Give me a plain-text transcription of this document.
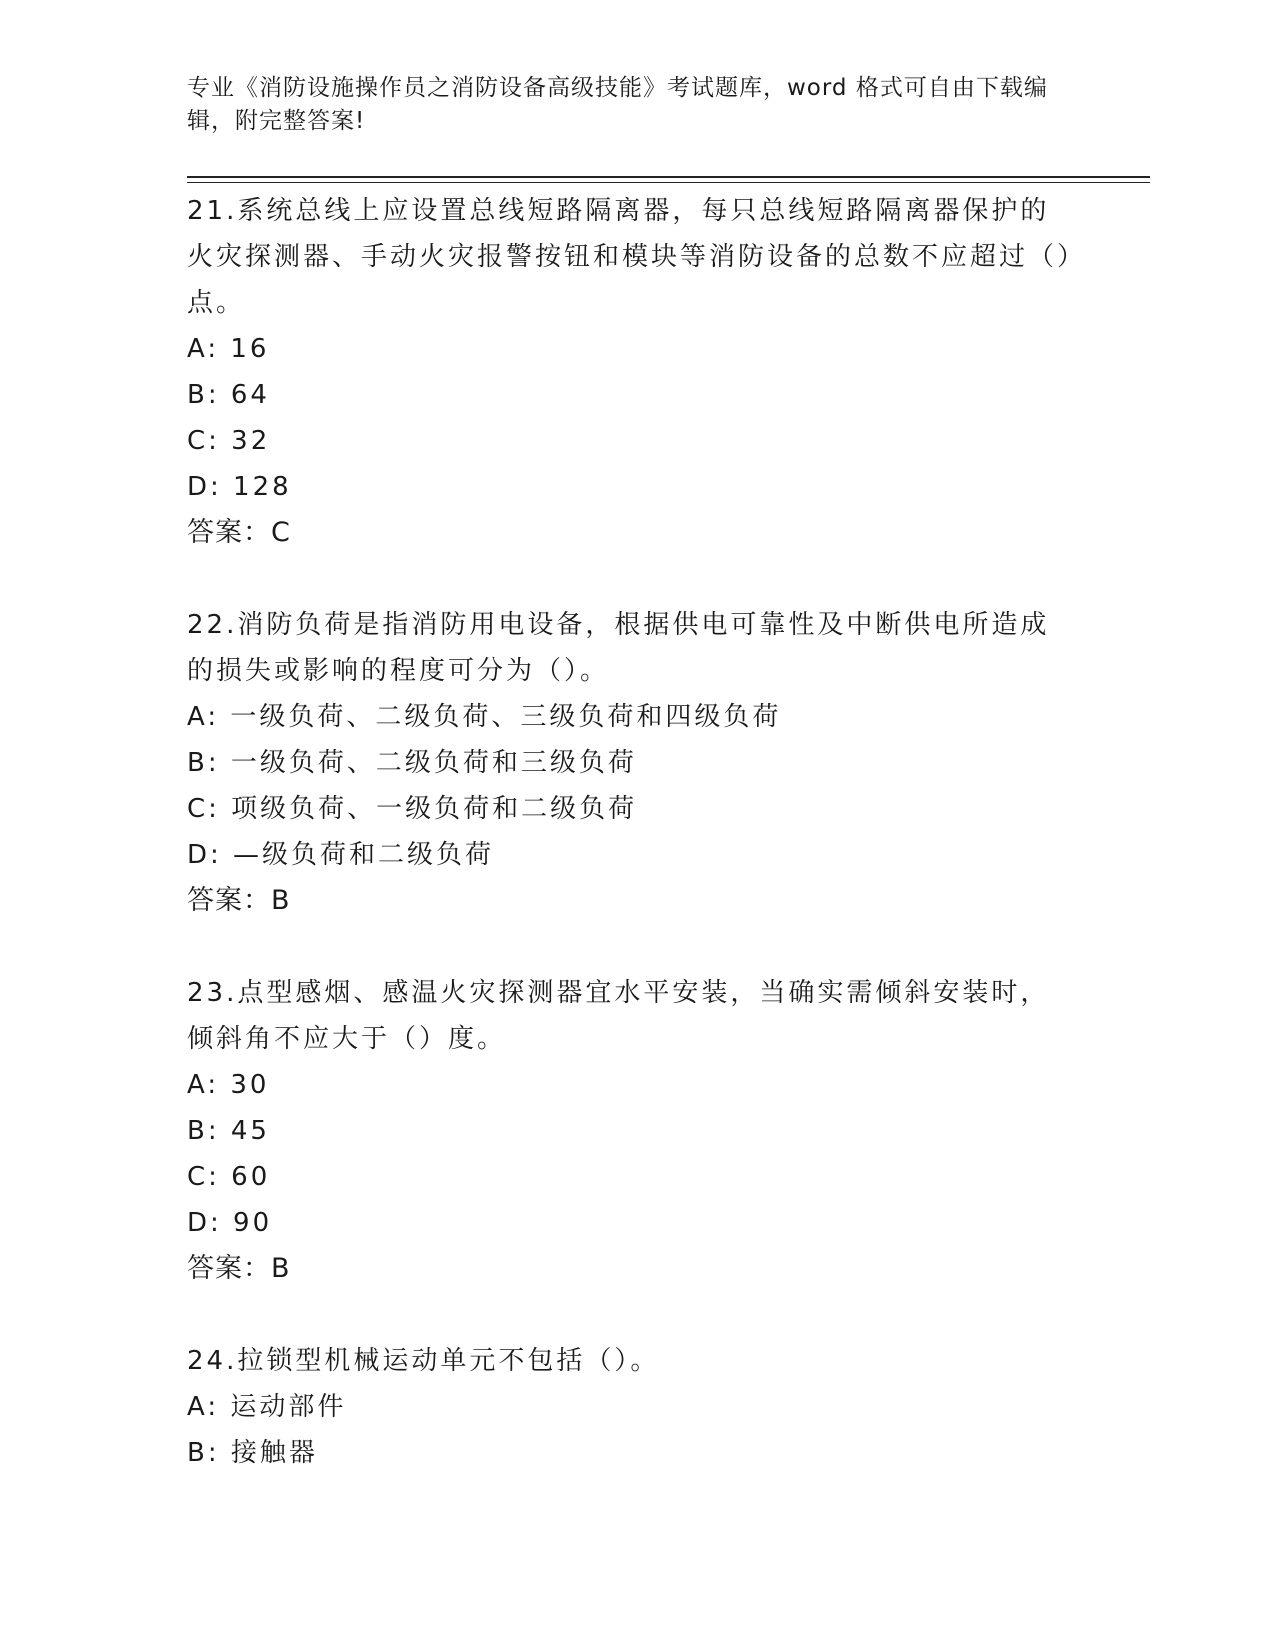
专业《消防设施操作员之消防设备高级技能》考试题库，word 格式可自由下载编辑，附完整答案!

21.系统总线上应设置总线短路隔离器，每只总线短路隔离器保护的火灾探测器、手动火灾报警按钮和模块等消防设备的总数不应超过（）点。

A: 16

B: 64

C: 32

D: 128

答案：C

22.消防负荷是指消防用电设备，根据供电可靠性及中断供电所造成的损失或影响的程度可分为（）。

A: 一级负荷、二级负荷、三级负荷和四级负荷

B: 一级负荷、二级负荷和三级负荷

C: 项级负荷、一级负荷和二级负荷

D: —级负荷和二级负荷

答案：B

23.点型感烟、感温火灾探测器宜水平安装，当确实需倾斜安装时，倾斜角不应大于（）度。

A: 30

B: 45

C: 60

D: 90

答案：B

24.拉锁型机械运动单元不包括（）。

A: 运动部件

B: 接触器
